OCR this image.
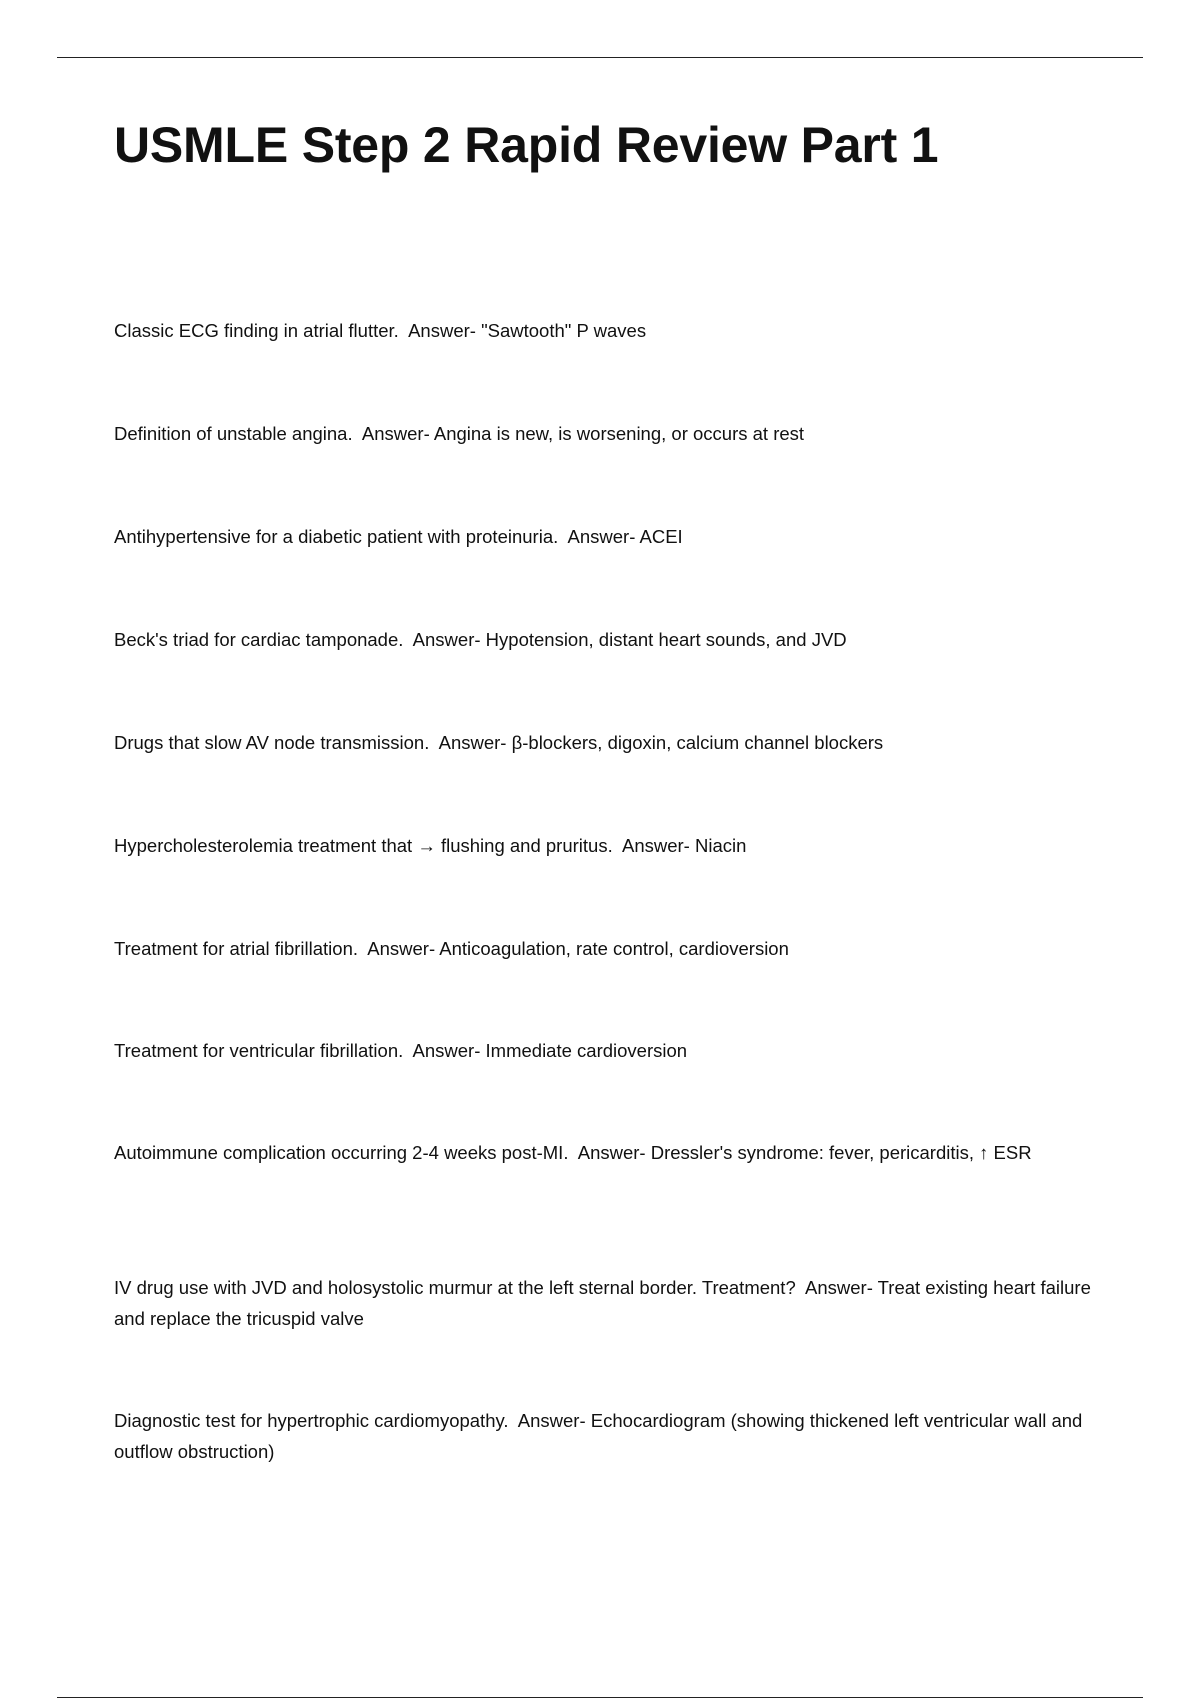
USMLE Step 2 Rapid Review Part 1
Classic ECG finding in atrial flutter. Answer- "Sawtooth" P waves
Definition of unstable angina. Answer- Angina is new, is worsening, or occurs at rest
Antihypertensive for a diabetic patient with proteinuria. Answer- ACEI
Beck's triad for cardiac tamponade. Answer- Hypotension, distant heart sounds, and JVD
Drugs that slow AV node transmission. Answer- β-blockers, digoxin, calcium channel blockers
Hypercholesterolemia treatment that → flushing and pruritus. Answer- Niacin
Treatment for atrial fibrillation. Answer- Anticoagulation, rate control, cardioversion
Treatment for ventricular fibrillation. Answer- Immediate cardioversion
Autoimmune complication occurring 2-4 weeks post-MI. Answer- Dressler's syndrome: fever, pericarditis, ↑ ESR
IV drug use with JVD and holosystolic murmur at the left sternal border. Treatment? Answer- Treat existing heart failure and replace the tricuspid valve
Diagnostic test for hypertrophic cardiomyopathy. Answer- Echocardiogram (showing thickened left ventricular wall and outflow obstruction)
